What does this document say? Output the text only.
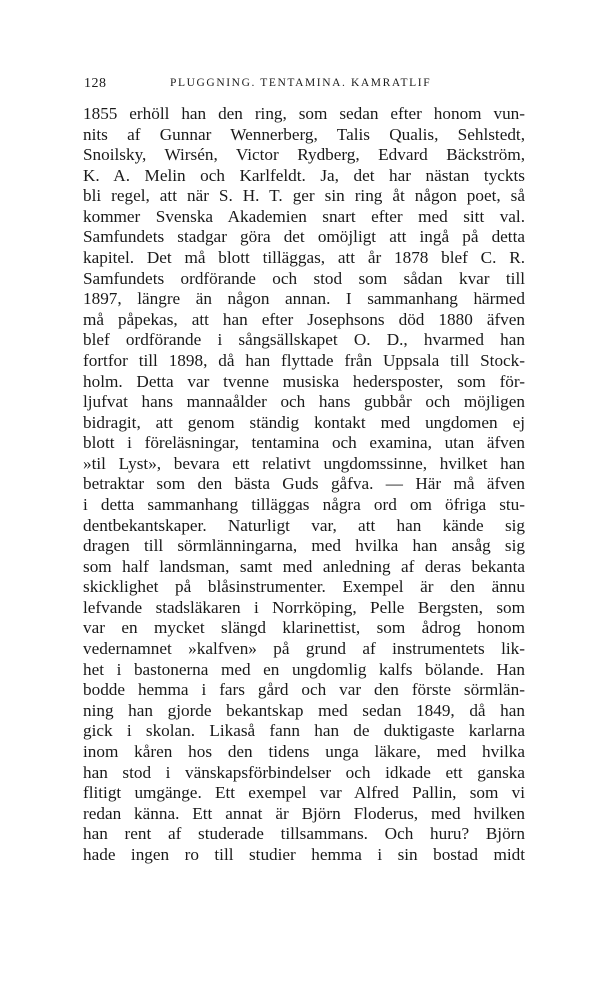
128	PLUGGNING. TENTAMINA. KAMRATLIF
1855 erhöll han den ring, som sedan efter honom vun-
nits af Gunnar Wennerberg, Talis Qualis, Sehlstedt,
Snoilsky, Wirsén, Victor Rydberg, Edvard Bäckström,
K. A. Melin och Karlfeldt. Ja, det har nästan tyckts
bli regel, att när S. H. T. ger sin ring åt någon poet, så
kommer Svenska Akademien snart efter med sitt val.
Samfundets stadgar göra det omöjligt att ingå på detta
kapitel. Det må blott tilläggas, att år 1878 blef C. R.
Samfundets ordförande och stod som sådan kvar till
1897, längre än någon annan. I sammanhang härmed
må påpekas, att han efter Josephsons död 1880 äfven
blef ordförande i sångsällskapet O. D., hvarmed han
fortfor till 1898, då han flyttade från Uppsala till Stock-
holm. Detta var tvenne musiska hedersposter, som för-
ljufvat hans mannaålder och hans gubbår och möjligen
bidragit, att genom ständig kontakt med ungdomen ej
blott i föreläsningar, tentamina och examina, utan äfven
»til Lyst», bevara ett relativt ungdomssinne, hvilket han
betraktar som den bästa Guds gåfva. — Här må äfven
i detta sammanhang tilläggas några ord om öfriga stu-
dentbekantskaper. Naturligt var, att han kände sig
dragen till sörmlänningarna, med hvilka han ansåg sig
som half landsman, samt med anledning af deras bekanta
skicklighet på blåsinstrumenter. Exempel är den ännu
lefvande stadsläkaren i Norrköping, Pelle Bergsten, som
var en mycket slängd klarinettist, som ådrog honom
vedernamnet »kalfven» på grund af instrumentets lik-
het i bastonerna med en ungdomlig kalfs bölande. Han
bodde hemma i fars gård och var den förste sörmlän-
ning han gjorde bekantskap med sedan 1849, då han
gick i skolan. Likaså fann han de duktigaste karlarna
inom kåren hos den tidens unga läkare, med hvilka
han stod i vänskapsförbindelser och idkade ett ganska
flitigt umgänge. Ett exempel var Alfred Pallin, som vi
redan känna. Ett annat är Björn Floderus, med hvilken
han rent af studerade tillsammans. Och huru? Björn
hade ingen ro till studier hemma i sin bostad midt
